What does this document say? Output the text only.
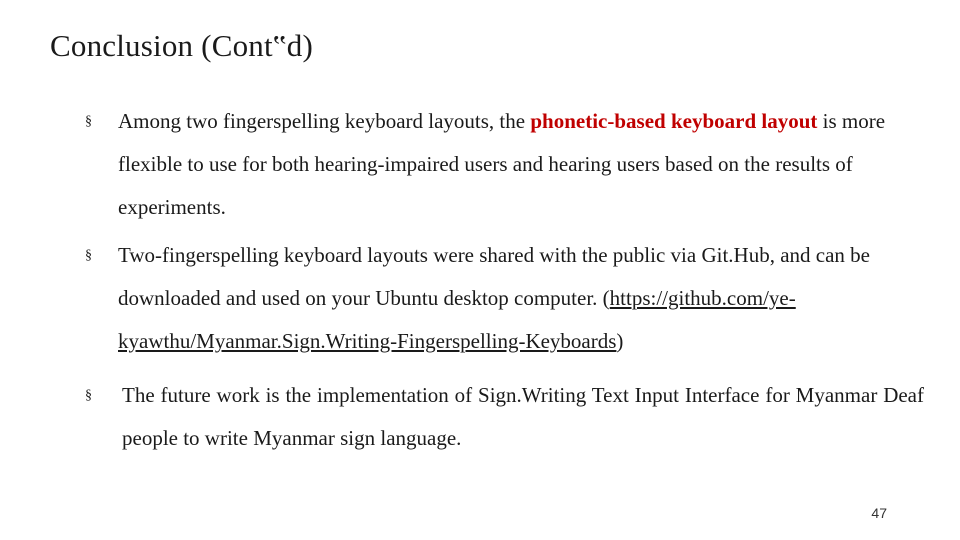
Conclusion (Cont‟d)
§ Among two fingerspelling keyboard layouts, the phonetic-based keyboard layout is more flexible to use for both hearing-impaired users and hearing users based on the results of experiments.
§ Two-fingerspelling keyboard layouts were shared with the public via Git.Hub, and can be downloaded and used on your Ubuntu desktop computer. (https://github.com/ye-kyawthu/Myanmar.Sign.Writing-Fingerspelling-Keyboards)
§ The future work is the implementation of Sign.Writing Text Input Interface for Myanmar Deaf people to write Myanmar sign language.
47
